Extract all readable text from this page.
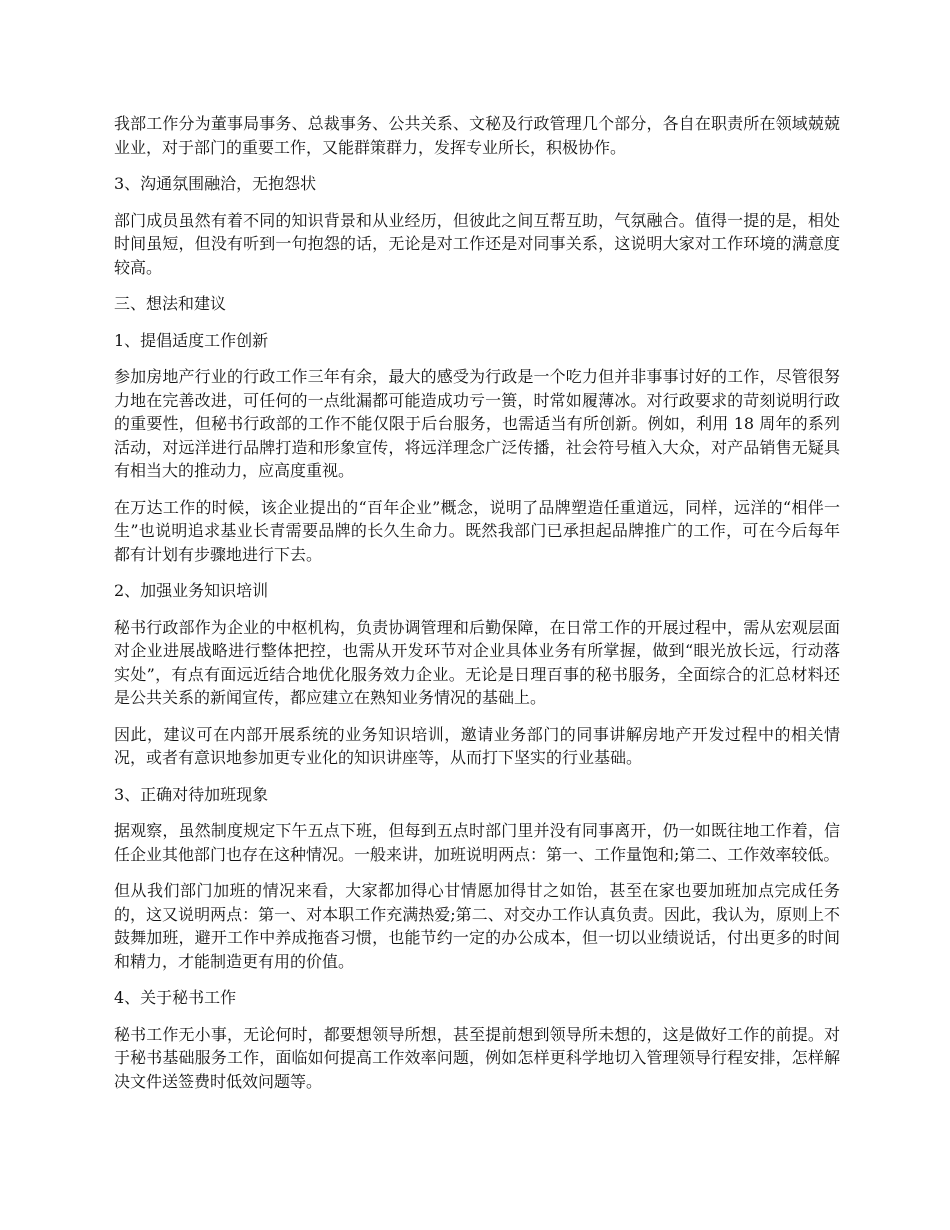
我部工作分为董事局事务、总裁事务、公共关系、文秘及行政管理几个部分，各自在职责所在领域兢兢业业，对于部门的重要工作，又能群策群力，发挥专业所长，积极协作。

3、沟通氛围融洽，无抱怨状

部门成员虽然有着不同的知识背景和从业经历，但彼此之间互帮互助，气氛融合。值得一提的是，相处时间虽短，但没有听到一句抱怨的话，无论是对工作还是对同事关系，这说明大家对工作环境的满意度较高。

三、想法和建议

1、提倡适度工作创新

参加房地产行业的行政工作三年有余，最大的感受为行政是一个吃力但并非事事讨好的工作，尽管很努力地在完善改进，可任何的一点纰漏都可能造成功亏一篑，时常如履薄冰。对行政要求的苛刻说明行政的重要性，但秘书行政部的工作不能仅限于后台服务，也需适当有所创新。例如，利用 18 周年的系列活动，对远洋进行品牌打造和形象宣传，将远洋理念广泛传播，社会符号植入大众，对产品销售无疑具有相当大的推动力，应高度重视。

在万达工作的时候，该企业提出的“百年企业”概念，说明了品牌塑造任重道远，同样，远洋的“相伴一生”也说明追求基业长青需要品牌的长久生命力。既然我部门已承担起品牌推广的工作，可在今后每年都有计划有步骤地进行下去。

2、加强业务知识培训

秘书行政部作为企业的中枢机构，负责协调管理和后勤保障，在日常工作的开展过程中，需从宏观层面对企业进展战略进行整体把控，也需从开发环节对企业具体业务有所掌握，做到“眼光放长远，行动落实处”，有点有面远近结合地优化服务效力企业。无论是日理百事的秘书服务，全面综合的汇总材料还是公共关系的新闻宣传，都应建立在熟知业务情况的基础上。

因此，建议可在内部开展系统的业务知识培训，邀请业务部门的同事讲解房地产开发过程中的相关情况，或者有意识地参加更专业化的知识讲座等，从而打下坚实的行业基础。

3、正确对待加班现象

据观察，虽然制度规定下午五点下班，但每到五点时部门里并没有同事离开，仍一如既往地工作着，信任企业其他部门也存在这种情况。一般来讲，加班说明两点：第一、工作量饱和;第二、工作效率较低。

但从我们部门加班的情况来看，大家都加得心甘情愿加得甘之如饴，甚至在家也要加班加点完成任务的，这又说明两点：第一、对本职工作充满热爱;第二、对交办工作认真负责。因此，我认为，原则上不鼓舞加班，避开工作中养成拖沓习惯，也能节约一定的办公成本，但一切以业绩说话，付出更多的时间和精力，才能制造更有用的价值。

4、关于秘书工作

秘书工作无小事，无论何时，都要想领导所想，甚至提前想到领导所未想的，这是做好工作的前提。对于秘书基础服务工作，面临如何提高工作效率问题，例如怎样更科学地切入管理领导行程安排，怎样解决文件送签费时低效问题等。
